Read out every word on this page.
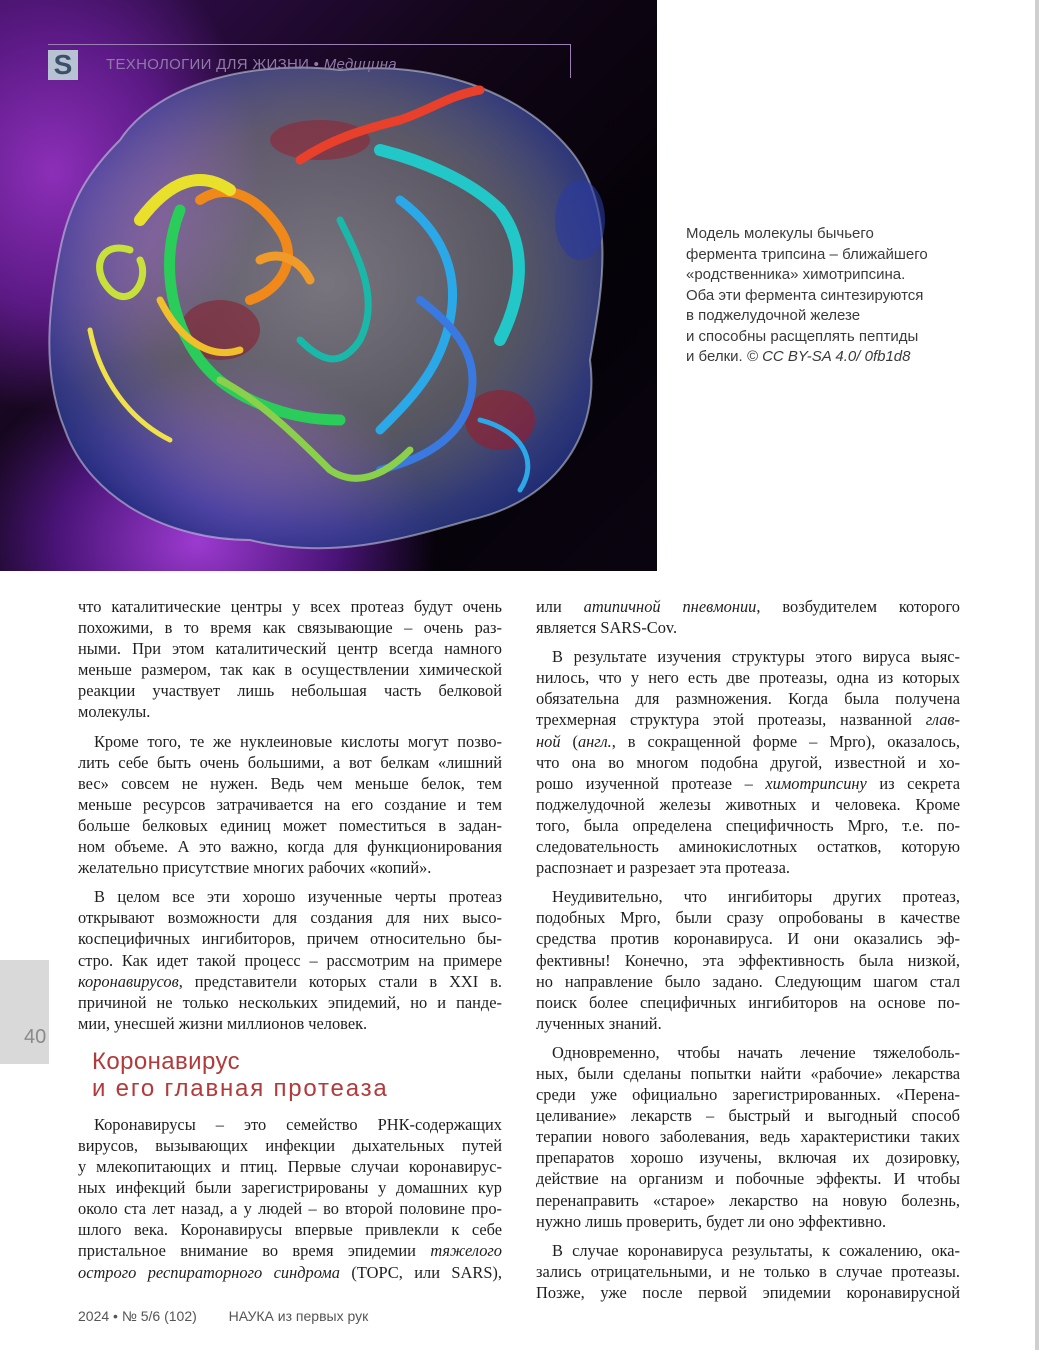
S	ТЕХНОЛОГИИ ДЛЯ ЖИЗНИ • Медицина

Модель молекулы бычьего

фермента трипсина – ближайшего

«родственника» химотрипсина.

Оба эти фермента синтезируются

в поджелудочной железе

и способны расщеплять пептиды

и белки. © CC BY-SA 4.0/ 0fb1d8

что каталитические центры у всех протеаз будут очень
похожими, в то время как связывающие – очень раз-
ными. При этом каталитический центр всегда намного
меньше размером, так как в осуществлении химической
реакции участвует лишь небольшая часть белковой
молекулы.

Кроме того, те же нуклеиновые кислоты могут позво-
лить себе быть очень большими, а вот белкам «лишний
вес» совсем не нужен. Ведь чем меньше белок, тем
меньше ресурсов затрачивается на его создание и тем
больше белковых единиц может поместиться в задан-
ном объеме. А это важно, когда для функционирования
желательно присутствие многих рабочих «копий».

В целом все эти хорошо изученные черты протеаз
открывают возможности для создания для них высо-
коспецифичных ингибиторов, причем относительно бы-
стро. Как идет такой процесс – рассмотрим на примере
коронавирусов, представители которых стали в XXI в.
причиной не только нескольких эпидемий, но и панде-
мии, унесшей жизни миллионов человек.

Коронавирус
и его главная протеаза

Коронавирусы – это семейство РНК-содержащих
вирусов, вызывающих инфекции дыхательных путей
у млекопитающих и птиц. Первые случаи коронавирус-
ных инфекций были зарегистрированы у домашних кур
около ста лет назад, а у людей – во второй половине про-
шлого века. Коронавирусы впервые привлекли к себе
пристальное внимание во время эпидемии тяжелого
острого респираторного синдрома (ТОРС, или SARS),

или атипичной пневмонии, возбудителем которого
является SARS-Cov.

В результате изучения структуры этого вируса выяс-
нилось, что у него есть две протеазы, одна из которых
обязательна для размножения. Когда была получена
трехмерная структура этой протеазы, названной глав-
ной (англ., в сокращенной форме – Mpro), оказалось,
что она во многом подобна другой, известной и хо-
рошо изученной протеазе – химотрипсину из секрета
поджелудочной железы животных и человека. Кроме
того, была определена специфичность Mpro, т.е. по-
следовательность аминокислотных остатков, которую
распознает и разрезает эта протеаза.

Неудивительно, что ингибиторы других протеаз,
подобных Mpro, были сразу опробованы в качестве
средства против коронавируса. И они оказались эф-
фективны! Конечно, эта эффективность была низкой,
но направление было задано. Следующим шагом стал
поиск более специфичных ингибиторов на основе по-
лученных знаний.

Одновременно, чтобы начать лечение тяжелоболь-
ных, были сделаны попытки найти «рабочие» лекарства
среди уже официально зарегистрированных. «Перена-
целивание» лекарств – быстрый и выгодный способ
терапии нового заболевания, ведь характеристики таких
препаратов хорошо изучены, включая их дозировку,
действие на организм и побочные эффекты. И чтобы
перенаправить «старое» лекарство на новую болезнь,
нужно лишь проверить, будет ли оно эффективно.

В случае коронавируса результаты, к сожалению, ока-
зались отрицательными, и не только в случае протеазы.
Позже, уже после первой эпидемии коронавирусной

40
2024 • № 5/6 (102) НАУКА из первых рук
